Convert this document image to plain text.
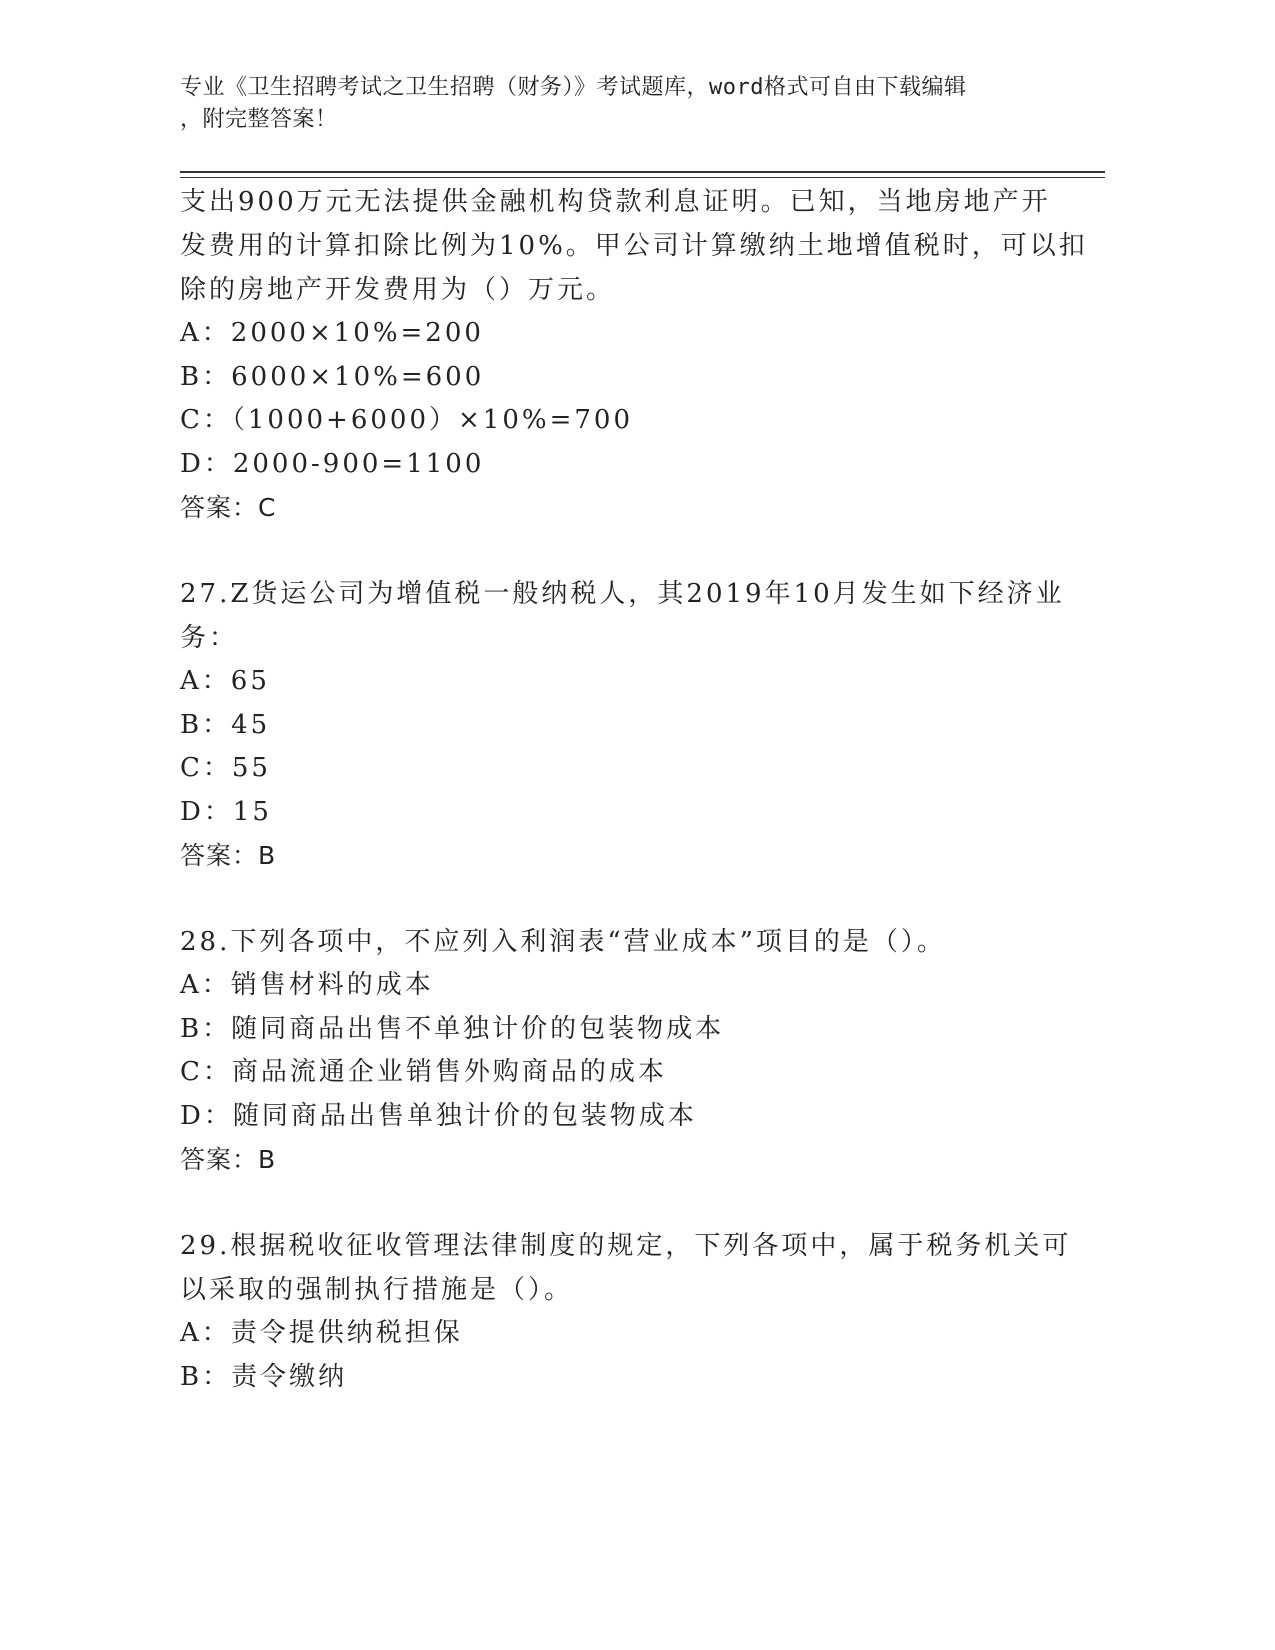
专业《卫生招聘考试之卫生招聘（财务）》考试题库，word格式可自由下载编辑
，附完整答案！
支出900万元无法提供金融机构贷款利息证明。已知，当地房地产开
发费用的计算扣除比例为10%。甲公司计算缴纳土地增值税时，可以扣
除的房地产开发费用为（）万元。
A：2000×10%=200
B：6000×10%=600
C：（1000+6000）×10%=700
D：2000-900=1100
答案：C
27.Z货运公司为增值税一般纳税人，其2019年10月发生如下经济业
务：
A：65
B：45
C：55
D：15
答案：B
28.下列各项中，不应列入利润表“营业成本”项目的是（）。
A：销售材料的成本
B：随同商品出售不单独计价的包装物成本
C：商品流通企业销售外购商品的成本
D：随同商品出售单独计价的包装物成本
答案：B
29.根据税收征收管理法律制度的规定，下列各项中，属于税务机关可
以采取的强制执行措施是（）。
A：责令提供纳税担保
B：责令缴纳
